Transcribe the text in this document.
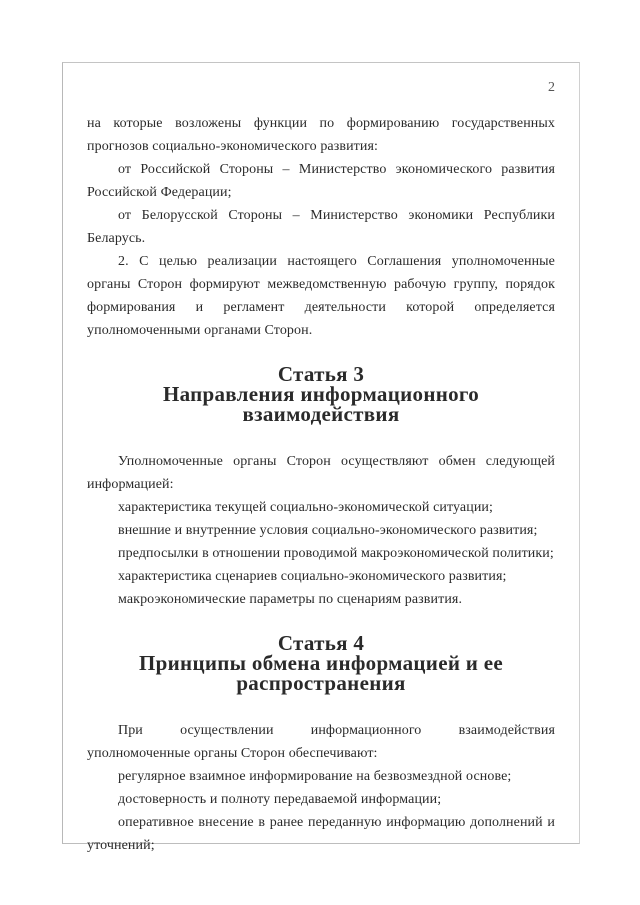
2

на которые возложены функции по формированию государственных прогнозов социально-экономического развития:

от Российской Стороны – Министерство экономического развития Российской Федерации;

от Белорусской Стороны – Министерство экономики Республики Беларусь.

2. С целью реализации настоящего Соглашения уполномоченные органы Сторон формируют межведомственную рабочую группу, порядок формирования и регламент деятельности которой определяется уполномоченными органами Сторон.

Статья 3
Направления информационного взаимодействия

Уполномоченные органы Сторон осуществляют обмен следующей информацией:

характеристика текущей социально-экономической ситуации;

внешние и внутренние условия социально-экономического развития;

предпосылки в отношении проводимой макроэкономической политики;

характеристика сценариев социально-экономического развития;

макроэкономические параметры по сценариям развития.

Статья 4
Принципы обмена информацией и ее распространения

При осуществлении информационного взаимодействия уполномоченные органы Сторон обеспечивают:

регулярное взаимное информирование на безвозмездной основе;

достоверность и полноту передаваемой информации;

оперативное внесение в ранее переданную информацию дополнений и уточнений;
